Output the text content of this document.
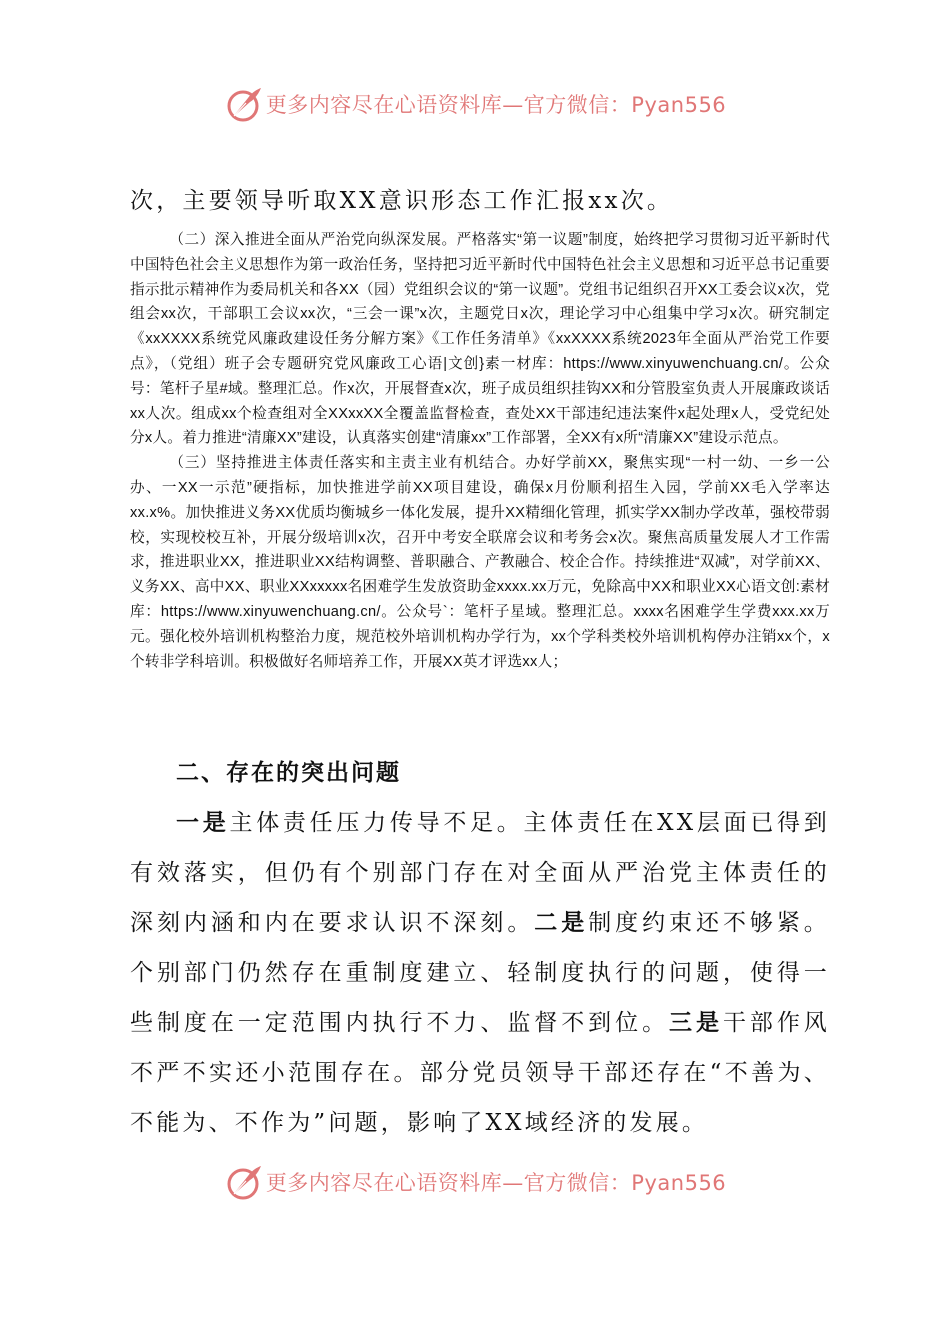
更多内容尽在心语资料库—官方微信：Pyan556

次，主要领导听取XX意识形态工作汇报xx次。

（二）深入推进全面从严治党向纵深发展。严格落实“第一议题”制度，始终把学习贯彻习近平新时代中国特色社会主义思想作为第一政治任务，坚持把习近平新时代中国特色社会主义思想和习近平总书记重要指示批示精神作为委局机关和各XX（园）党组织会议的“第一议题”。党组书记组织召开XX工委会议x次，党组会xx次，干部职工会议xx次，“三会一课”x次，主题党日x次，理论学习中心组集中学习x次。研究制定《xxXXXX系统党风廉政建设任务分解方案》《工作任务清单》《xxXXXX系统2023年全面从严治党工作要点》，（党组）班子会专题研究党风廉政工心语|文创}素一材库：https://www.xinyuwenchuang.cn/。公众号：笔杆子星#域。整理汇总。作x次，开展督查x次，班子成员组织挂钩XX和分管股室负责人开展廉政谈话xx人次。组成xx个检查组对全XXxxXX全覆盖监督检查，查处XX干部违纪违法案件x起处理x人，受党纪处分x人。着力推进“清廉XX”建设，认真落实创建“清廉xx”工作部署，全XX有x所“清廉XX”建设示范点。

（三）坚持推进主体责任落实和主责主业有机结合。办好学前XX，聚焦实现“一村一幼、一乡一公办、一XX一示范”硬指标，加快推进学前XX项目建设，确保x月份顺利招生入园，学前XX毛入学率达xx.x%。加快推进义务XX优质均衡城乡一体化发展，提升XX精细化管理，抓实学XX制办学改革，强校带弱校，实现校校互补，开展分级培训x次，召开中考安全联席会议和考务会x次。聚焦高质量发展人才工作需求，推进职业XX，推进职业XX结构调整、普职融合、产教融合、校企合作。持续推进“双减”，对学前XX、义务XX、高中XX、职业XXxxxxx名困难学生发放资助金xxxx.xx万元，免除高中XX和职业XX心语文创:素材库：https://www.xinyuwenchuang.cn/。公众号`：笔杆子星域。整理汇总。xxxx名困难学生学费xxx.xx万元。强化校外培训机构整治力度，规范校外培训机构办学行为，xx个学科类校外培训机构停办注销xx个，x个转非学科培训。积极做好名师培养工作，开展XX英才评选xx人；

二、存在的突出问题

一是主体责任压力传导不足。主体责任在XX层面已得到有效落实，但仍有个别部门存在对全面从严治党主体责任的深刻内涵和内在要求认识不深刻。二是制度约束还不够紧。个别部门仍然存在重制度建立、轻制度执行的问题，使得一些制度在一定范围内执行不力、监督不到位。三是干部作风不严不实还小范围存在。部分党员领导干部还存在“不善为、不能为、不作为”问题，影响了XX域经济的发展。

更多内容尽在心语资料库—官方微信：Pyan556
